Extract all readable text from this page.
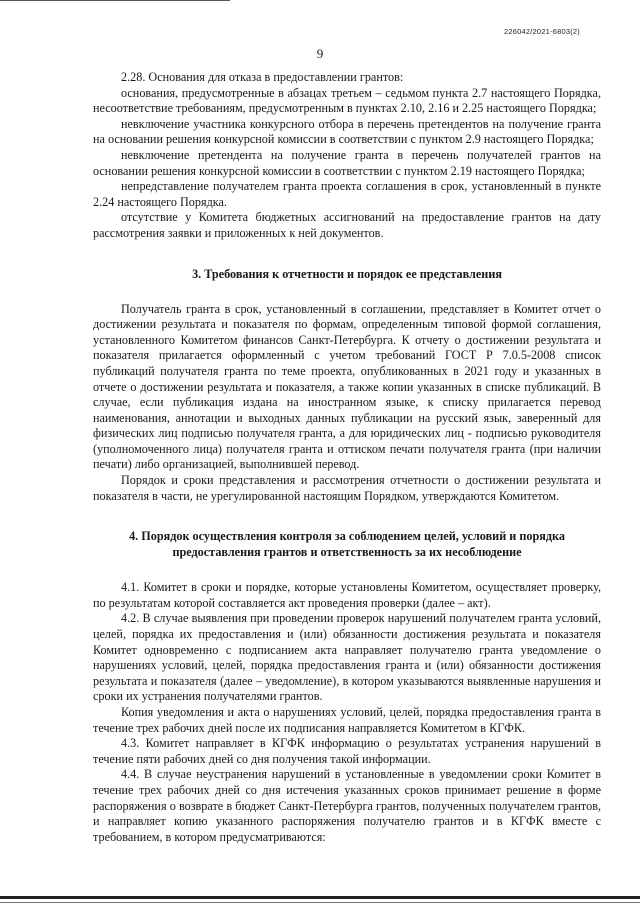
226042/2021-6803(2)
9

2.28. Основания для отказа в предоставлении грантов:

основания, предусмотренные в абзацах третьем – седьмом пункта 2.7 настоящего Порядка, несоответствие требованиям, предусмотренным в пунктах 2.10, 2.16 и 2.25 настоящего Порядка;

невключение участника конкурсного отбора в перечень претендентов на получение гранта на основании решения конкурсной комиссии в соответствии с пунктом 2.9 настоящего Порядка;

невключение претендента на получение гранта в перечень получателей грантов на основании решения конкурсной комиссии в соответствии с пунктом 2.19 настоящего Порядка;

непредставление получателем гранта проекта соглашения в срок, установленный в пункте 2.24 настоящего Порядка.

отсутствие у Комитета бюджетных ассигнований на предоставление грантов на дату рассмотрения заявки и приложенных к ней документов.

3. Требования к отчетности и порядок ее представления

Получатель гранта в срок, установленный в соглашении, представляет в Комитет отчет о достижении результата и показателя по формам, определенным типовой формой соглашения, установленного Комитетом финансов Санкт-Петербурга. К отчету о достижении результата и показателя прилагается оформленный с учетом требований ГОСТ Р 7.0.5-2008 список публикаций получателя гранта по теме проекта, опубликованных в 2021 году и указанных в отчете о достижении результата и показателя, а также копии указанных в списке публикаций. В случае, если публикация издана на иностранном языке, к списку прилагается перевод наименования, аннотации и выходных данных публикации на русский язык, заверенный для физических лиц подписью получателя гранта, а для юридических лиц - подписью руководителя (уполномоченного лица) получателя гранта и оттиском печати получателя гранта (при наличии печати) либо организацией, выполнившей перевод.

Порядок и сроки представления и рассмотрения отчетности о достижении результата и показателя в части, не урегулированной настоящим Порядком, утверждаются Комитетом.

4. Порядок осуществления контроля за соблюдением целей, условий и порядка
предоставления грантов и ответственность за их несоблюдение

4.1. Комитет в сроки и порядке, которые установлены Комитетом, осуществляет проверку, по результатам которой составляется акт проведения проверки (далее – акт).

4.2. В случае выявления при проведении проверок нарушений получателем гранта условий, целей, порядка их предоставления и (или) обязанности достижения результата и показателя Комитет одновременно с подписанием акта направляет получателю гранта уведомление о нарушениях условий, целей, порядка предоставления гранта и (или) обязанности достижения результата и показателя (далее – уведомление), в котором указываются выявленные нарушения и сроки их устранения получателями грантов.

Копия уведомления и акта о нарушениях условий, целей, порядка предоставления гранта в течение трех рабочих дней после их подписания направляется Комитетом в КГФК.

4.3. Комитет направляет в КГФК информацию о результатах устранения нарушений в течение пяти рабочих дней со дня получения такой информации.

4.4. В случае неустранения нарушений в установленные в уведомлении сроки Комитет в течение трех рабочих дней со дня истечения указанных сроков принимает решение в форме распоряжения о возврате в бюджет Санкт-Петербурга грантов, полученных получателем грантов, и направляет копию указанного распоряжения получателю грантов и в КГФК вместе с требованием, в котором предусматриваются:
